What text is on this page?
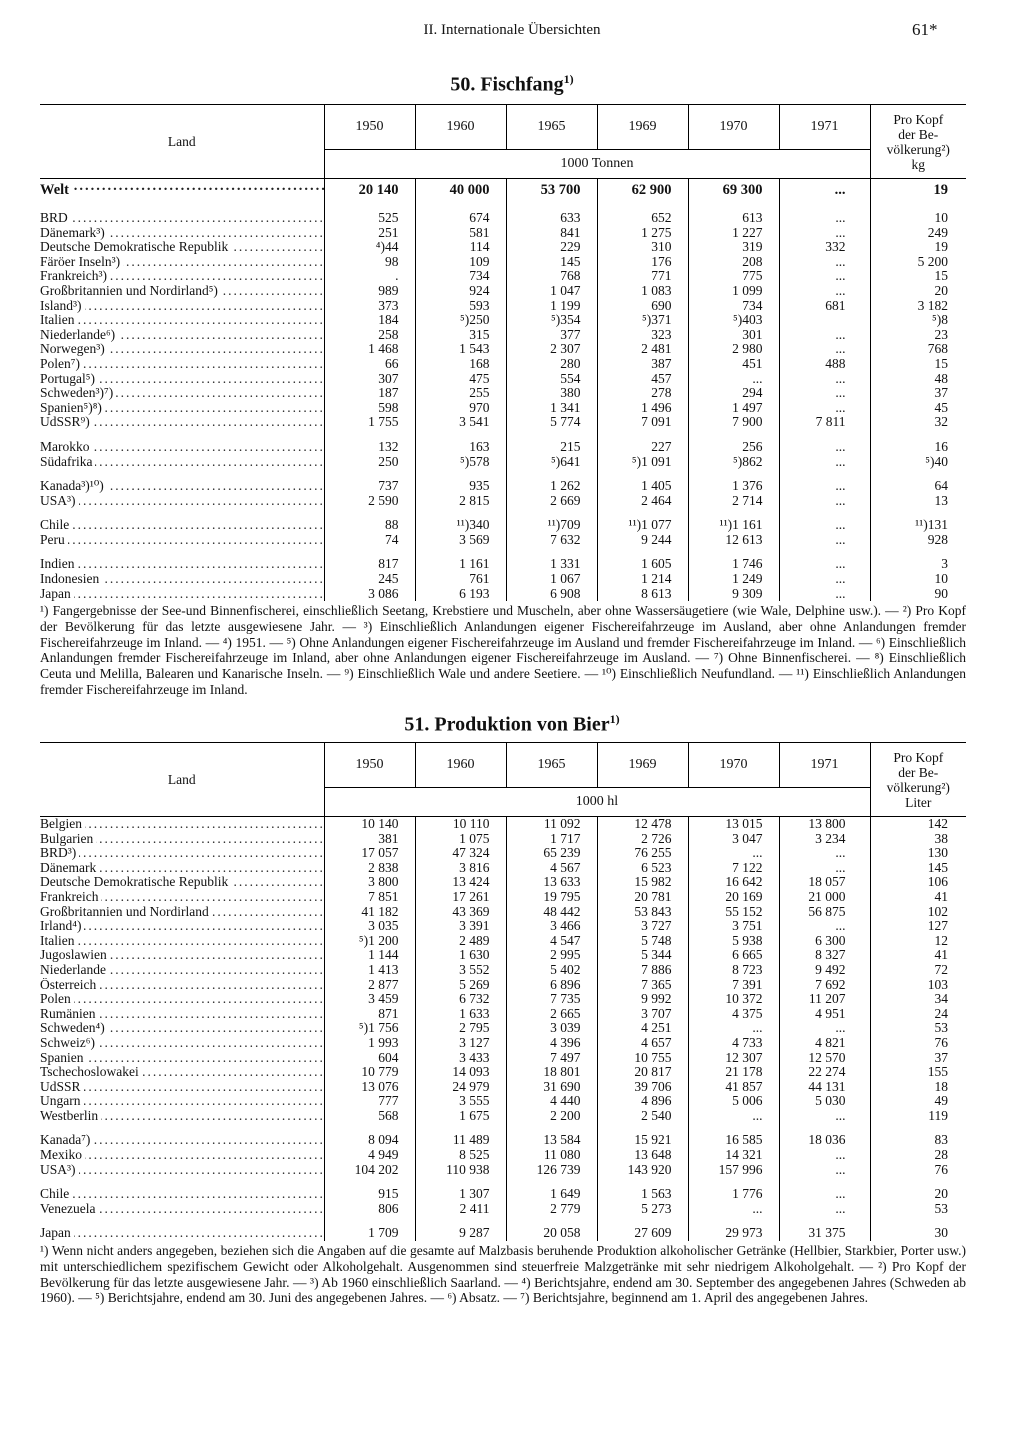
II. Internationale Übersichten	61*
50. Fischfang$^{1)}$
Land	1950	1960	1965	1969	1970	1971	Pro Kopf
der Be-
völkerung²)
kg

	1000 Tonnen						
Welt .....	20 140	40 000	53 700	62 900	69 300	...	19

BRD .....	525	674	633	652	613	...	10
Dänemark³) .....	251	581	841	1 275	1 227	...	249
Deutsche Demokratische Republik .....	⁴)44	114	229	310	319	332	19
Färöer Inseln³) .....	98	109	145	176	208	...	5 200
Frankreich³) .....	.	734	768	771	775	...	15
Großbritannien und Nordirland⁵) .....	989	924	1 047	1 083	1 099	...	20
Island³) .....	373	593	1 199	690	734	681	3 182
Italien .....	184	⁵)250	⁵)354	⁵)371	⁵)403		⁵)8
Niederlande⁶) .....	258	315	377	323	301	...	23
Norwegen³) .....	1 468	1 543	2 307	2 481	2 980	...	768
Polen⁷) .....	66	168	280	387	451	488	15
Portugal⁵) .....	307	475	554	457	...	...	48
Schweden³)⁷) .....	187	255	380	278	294	...	37
Spanien⁵)⁸) .....	598	970	1 341	1 496	1 497	...	45
UdSSR⁹) .....	1 755	3 541	5 774	7 091	7 900	7 811	32

Marokko .....	132	163	215	227	256	...	16
Südafrika .....	250	⁵)578	⁵)641	⁵)1 091	⁵)862	...	⁵)40

Kanada³)¹⁰) .....	737	935	1 262	1 405	1 376	...	64
USA³) .....	2 590	2 815	2 669	2 464	2 714	...	13

Chile .....	88	¹¹)340	¹¹)709	¹¹)1 077	¹¹)1 161	...	¹¹)131
Peru .....	74	3 569	7 632	9 244	12 613	...	928

Indien .....	817	1 161	1 331	1 605	1 746	...	3
Indonesien .....	245	761	1 067	1 214	1 249	...	10
Japan .....	3 086	6 193	6 908	8 613	9 309	...	90
¹) Fangergebnisse der See-und Binnenfischerei, einschließlich Seetang, Krebstiere und Muscheln, aber ohne Wassersäugetiere (wie Wale, Delphine usw.). — ²) Pro Kopf der Bevölkerung für das letzte ausgewiesene Jahr. — ³) Einschließlich Anlandungen eigener Fischereifahrzeuge im Ausland, aber ohne Anlandungen fremder Fischereifahrzeuge im Inland. — ⁴) 1951. — ⁵) Ohne Anlandungen eigener Fischereifahrzeuge im Ausland und fremder Fischereifahrzeuge im Inland. — ⁶) Einschließlich Anlandungen fremder Fischereifahrzeuge im Inland, aber ohne Anlandungen eigener Fischereifahrzeuge im Ausland. — ⁷) Ohne Binnenfischerei. — ⁸) Einschließlich Ceuta und Melilla, Balearen und Kanarische Inseln. — ⁹) Einschließlich Wale und andere Seetiere. — ¹⁰) Einschließlich Neufundland. — ¹¹) Einschließlich Anlandungen fremder Fischereifahrzeuge im Inland.
51. Produktion von Bier$^{1)}$
Land	1950	1960	1965	1969	1970	1971	Pro Kopf
der Be-
völkerung²)
Liter

	1000 hl						
Belgien .....	10 140	10 110	11 092	12 478	13 015	13 800	142
Bulgarien .....	381	1 075	1 717	2 726	3 047	3 234	38
BRD³) .....	17 057	47 324	65 239	76 255	...	...	130
Dänemark .....	2 838	3 816	4 567	6 523	7 122	...	145
Deutsche Demokratische Republik .....	3 800	13 424	13 633	15 982	16 642	18 057	106
Frankreich .....	7 851	17 261	19 795	20 781	20 169	21 000	41
Großbritannien und Nordirland .....	41 182	43 369	48 442	53 843	55 152	56 875	102
Irland⁴) .....	3 035	3 391	3 466	3 727	3 751	...	127
Italien .....	⁵)1 200	2 489	4 547	5 748	5 938	6 300	12
Jugoslawien .....	1 144	1 630	2 995	5 344	6 665	8 327	41
Niederlande .....	1 413	3 552	5 402	7 886	8 723	9 492	72
Österreich .....	2 877	5 269	6 896	7 365	7 391	7 692	103
Polen .....	3 459	6 732	7 735	9 992	10 372	11 207	34
Rumänien .....	871	1 633	2 665	3 707	4 375	4 951	24
Schweden⁴) .....	⁵)1 756	2 795	3 039	4 251	...	...	53
Schweiz⁶) .....	1 993	3 127	4 396	4 657	4 733	4 821	76
Spanien .....	604	3 433	7 497	10 755	12 307	12 570	37
Tschechoslowakei .....	10 779	14 093	18 801	20 817	21 178	22 274	155
UdSSR .....	13 076	24 979	31 690	39 706	41 857	44 131	18
Ungarn .....	777	3 555	4 440	4 896	5 006	5 030	49
Westberlin .....	568	1 675	2 200	2 540	...	...	119

Kanada⁷) .....	8 094	11 489	13 584	15 921	16 585	18 036	83
Mexiko .....	4 949	8 525	11 080	13 648	14 321	...	28
USA³) .....	104 202	110 938	126 739	143 920	157 996	...	76

Chile .....	915	1 307	1 649	1 563	1 776	...	20
Venezuela .....	806	2 411	2 779	5 273	...	...	53

Japan .....	1 709	9 287	20 058	27 609	29 973	31 375	30
¹) Wenn nicht anders angegeben, beziehen sich die Angaben auf die gesamte auf Malzbasis beruhende Produktion alkoholischer Getränke (Hellbier, Starkbier, Porter usw.) mit unterschiedlichem spezifischem Gewicht oder Alkoholgehalt. Ausgenommen sind steuerfreie Malzgetränke mit sehr niedrigem Alkoholgehalt. — ²) Pro Kopf der Bevölkerung für das letzte ausgewiesene Jahr. — ³) Ab 1960 einschließlich Saarland. — ⁴) Berichtsjahre, endend am 30. September des angegebenen Jahres (Schweden ab 1960). — ⁵) Berichtsjahre, endend am 30. Juni des angegebenen Jahres. — ⁶) Absatz. — ⁷) Berichtsjahre, beginnend am 1. April des angegebenen Jahres.
